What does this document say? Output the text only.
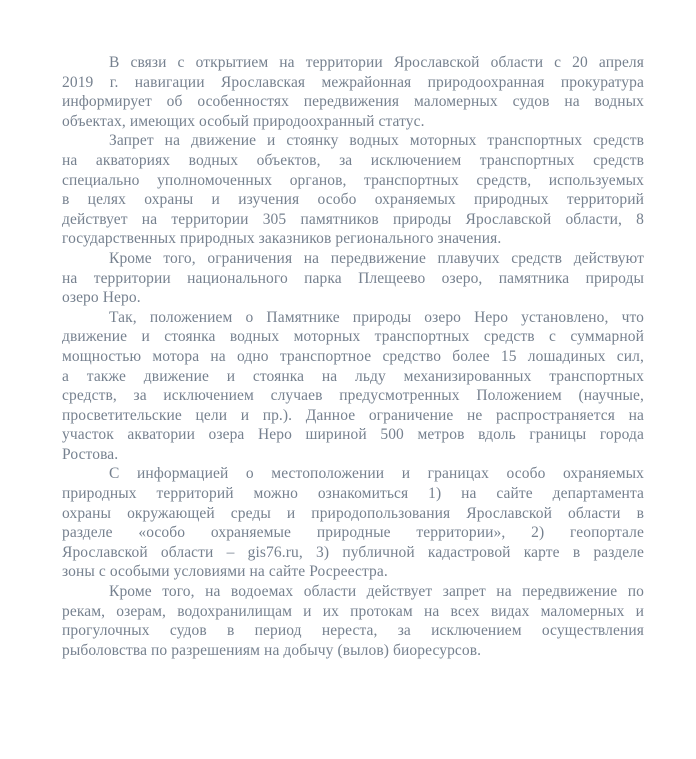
В связи с открытием на территории Ярославской области с 20 апреля
2019 г. навигации Ярославская межрайонная природоохранная прокуратура
информирует об особенностях передвижения маломерных судов на водных
объектах, имеющих особый природоохранный статус.
Запрет на движение и стоянку водных моторных транспортных средств
на акваториях водных объектов, за исключением транспортных средств
специально уполномоченных органов, транспортных средств, используемых
в целях охраны и изучения особо охраняемых природных территорий
действует на территории 305 памятников природы Ярославской области, 8
государственных природных заказников регионального значения.
Кроме того, ограничения на передвижение плавучих средств действуют
на территории национального парка Плещеево озеро, памятника природы
озеро Неро.
Так, положением о Памятнике природы озеро Неро установлено, что
движение и стоянка водных моторных транспортных средств с суммарной
мощностью мотора на одно транспортное средство более 15 лошадиных сил,
а также движение и стоянка на льду механизированных транспортных
средств, за исключением случаев предусмотренных Положением (научные,
просветительские цели и пр.). Данное ограничение не распространяется на
участок акватории озера Неро шириной 500 метров вдоль границы города
Ростова.
С информацией о местоположении и границах особо охраняемых
природных территорий можно ознакомиться 1) на сайте департамента
охраны окружающей среды и природопользования Ярославской области в
разделе «особо охраняемые природные территории», 2) геопортале
Ярославской области – gis76.ru, 3) публичной кадастровой карте в разделе
зоны с особыми условиями на сайте Росреестра.
Кроме того, на водоемах области действует запрет на передвижение по
рекам, озерам, водохранилищам и их протокам на всех видах маломерных и
прогулочных судов в период нереста, за исключением осуществления
рыболовства по разрешениям на добычу (вылов) биоресурсов.
